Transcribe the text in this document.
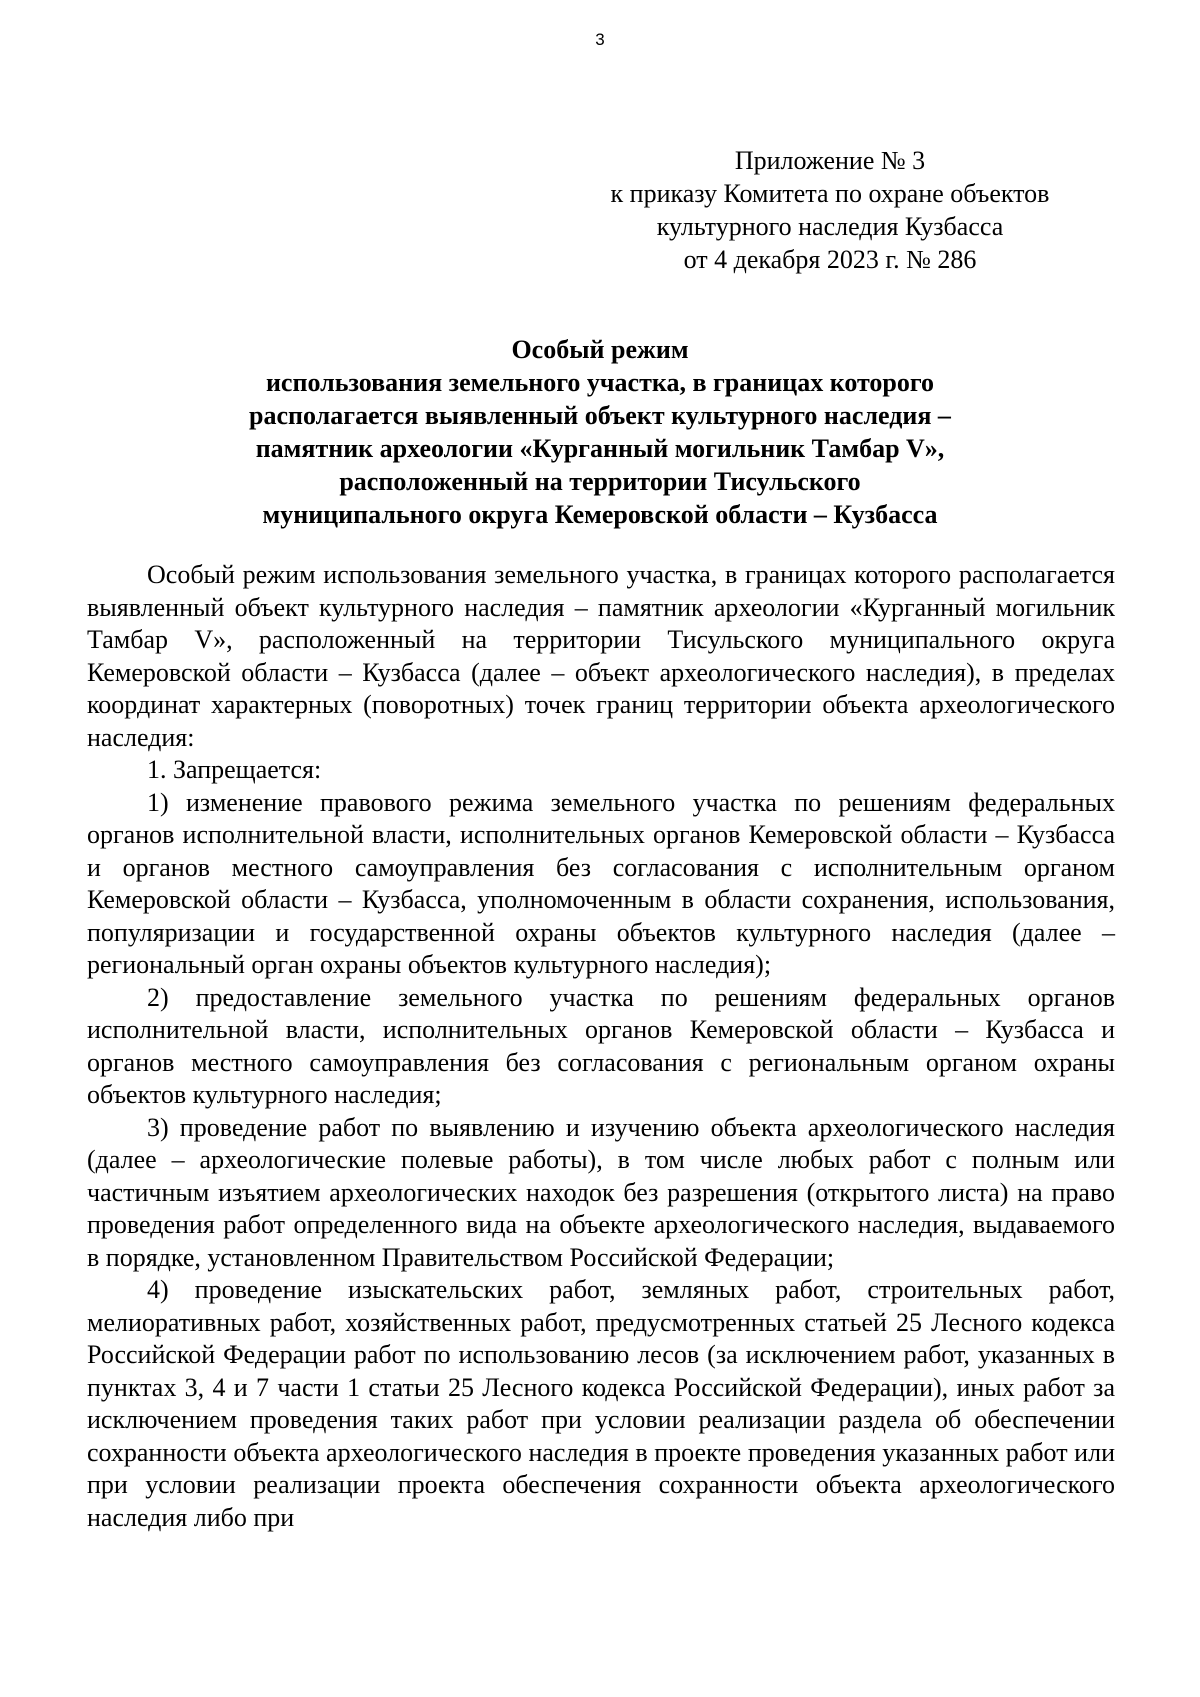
3
Приложение № 3
к приказу Комитета по охране объектов
культурного наследия Кузбасса
от 4 декабря 2023 г. № 286
Особый режим
использования земельного участка, в границах которого
располагается выявленный объект культурного наследия –
памятник археологии «Курганный могильник Тамбар V»,
расположенный на территории Тисульского
муниципального округа Кемеровской области – Кузбасса

Особый режим использования земельного участка, в границах которого располагается выявленный объект культурного наследия – памятник археологии «Курганный могильник Тамбар V», расположенный на территории Тисульского муниципального округа Кемеровской области – Кузбасса (далее – объект археологического наследия), в пределах координат характерных (поворотных) точек границ территории объекта археологического наследия:

1. Запрещается:

1) изменение правового режима земельного участка по решениям федеральных органов исполнительной власти, исполнительных органов Кемеровской области – Кузбасса и органов местного самоуправления без согласования с исполнительным органом Кемеровской области – Кузбасса, уполномоченным в области сохранения, использования, популяризации и государственной охраны объектов культурного наследия (далее – региональный орган охраны объектов культурного наследия);

2) предоставление земельного участка по решениям федеральных органов исполнительной власти, исполнительных органов Кемеровской области – Кузбасса и органов местного самоуправления без согласования с региональным органом охраны объектов культурного наследия;

3) проведение работ по выявлению и изучению объекта археологического наследия (далее – археологические полевые работы), в том числе любых работ с полным или частичным изъятием археологических находок без разрешения (открытого листа) на право проведения работ определенного вида на объекте археологического наследия, выдаваемого в порядке, установленном Правительством Российской Федерации;

4) проведение изыскательских работ, земляных работ, строительных работ, мелиоративных работ, хозяйственных работ, предусмотренных статьей 25 Лесного кодекса Российской Федерации работ по использованию лесов (за исключением работ, указанных в пунктах 3, 4 и 7 части 1 статьи 25 Лесного кодекса Российской Федерации), иных работ за исключением проведения таких работ при условии реализации раздела об обеспечении сохранности объекта археологического наследия в проекте проведения указанных работ или при условии реализации проекта обеспечения сохранности объекта археологического наследия либо при
